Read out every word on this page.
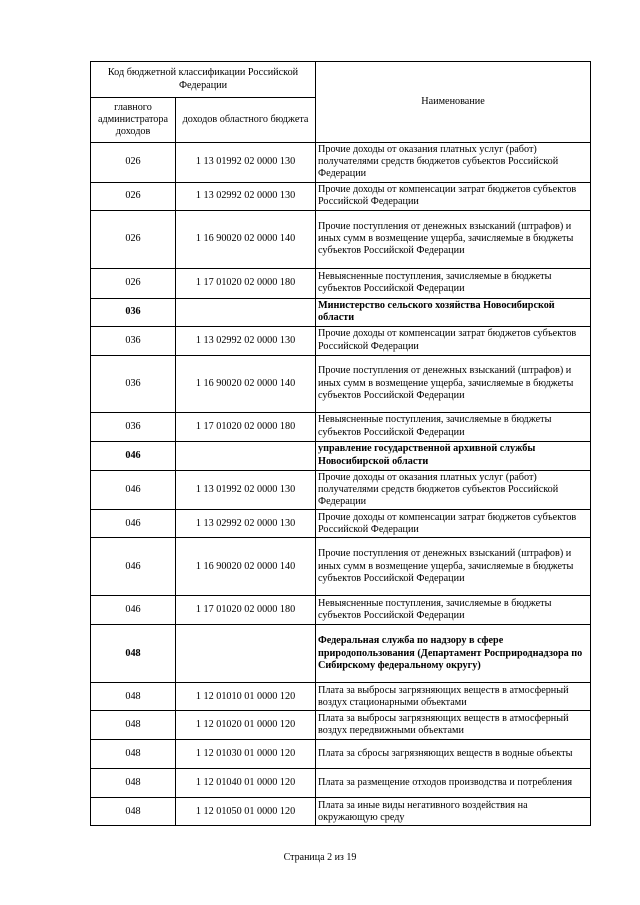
Код бюджетной классификации Российской Федерации		Наименование
главного администратора доходов	доходов областного бюджета	
026	1 13 01992 02 0000 130	Прочие доходы от оказания платных услуг (работ) получателями средств бюджетов субъектов Российской Федерации
026	1 13 02992 02 0000 130	Прочие доходы от компенсации затрат бюджетов субъектов Российской Федерации
026	1 16 90020 02 0000 140	Прочие поступления от денежных взысканий (штрафов) и иных сумм в возмещение ущерба, зачисляемые в бюджеты субъектов Российской Федерации
026	1 17 01020 02 0000 180	Невыясненные поступления, зачисляемые в бюджеты субъектов Российской Федерации
036		Министерство сельского хозяйства Новосибирской области
036	1 13 02992 02 0000 130	Прочие доходы от компенсации затрат бюджетов субъектов Российской Федерации
036	1 16 90020 02 0000 140	Прочие поступления от денежных взысканий (штрафов) и иных сумм в возмещение ущерба, зачисляемые в бюджеты субъектов Российской Федерации
036	1 17 01020 02 0000 180	Невыясненные поступления, зачисляемые в бюджеты субъектов Российской Федерации
046		управление государственной архивной службы Новосибирской области
046	1 13 01992 02 0000 130	Прочие доходы от оказания платных услуг (работ) получателями средств бюджетов субъектов Российской Федерации
046	1 13 02992 02 0000 130	Прочие доходы от компенсации затрат бюджетов субъектов Российской Федерации
046	1 16 90020 02 0000 140	Прочие поступления от денежных взысканий (штрафов) и иных сумм в возмещение ущерба, зачисляемые в бюджеты субъектов Российской Федерации
046	1 17 01020 02 0000 180	Невыясненные поступления, зачисляемые в бюджеты субъектов Российской Федерации
048		Федеральная служба по надзору в сфере природопользования (Департамент Росприроднадзора по Сибирскому федеральному округу)
048	1 12 01010 01 0000 120	Плата за выбросы загрязняющих веществ в атмосферный воздух стационарными объектами
048	1 12 01020 01 0000 120	Плата за выбросы загрязняющих веществ в атмосферный воздух передвижными объектами
048	1 12 01030 01 0000 120	Плата за сбросы загрязняющих веществ в водные объекты
048	1 12 01040 01 0000 120	Плата за размещение отходов производства и потребления
048	1 12 01050 01 0000 120	Плата за иные виды негативного воздействия на окружающую среду
Страница 2 из 19
